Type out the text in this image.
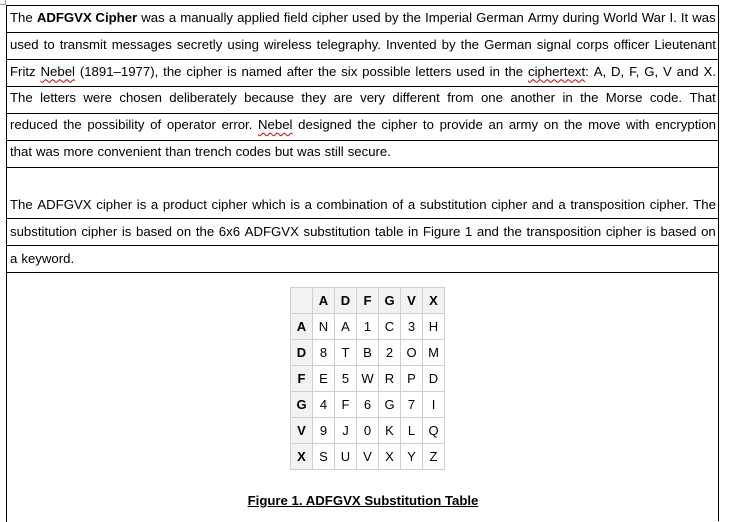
The ADFGVX Cipher was a manually applied field cipher used by the Imperial German Army during World War I. It was
used to transmit messages secretly using wireless telegraphy. Invented by the German signal corps officer Lieutenant
Fritz Nebel (1891–1977), the cipher is named after the six possible letters used in the ciphertext: A, D, F, G, V and X.
The letters were chosen deliberately because they are very different from one another in the Morse code. That
reduced the possibility of operator error. Nebel designed the cipher to provide an army on the move with encryption
that was more convenient than trench codes but was still secure.
The ADFGVX cipher is a product cipher which is a combination of a substitution cipher and a transposition cipher. The
substitution cipher is based on the 6x6 ADFGVX substitution table in Figure 1 and the transposition cipher is based on
a keyword.
	A	D	F	G	V	X
A	N	A	1	C	3	H
D	8	T	B	2	O	M
F	E	5	W	R	P	D
G	4	F	6	G	7	I
V	9	J	0	K	L	Q
X	S	U	V	X	Y	Z
Figure 1. ADFGVX Substitution Table
